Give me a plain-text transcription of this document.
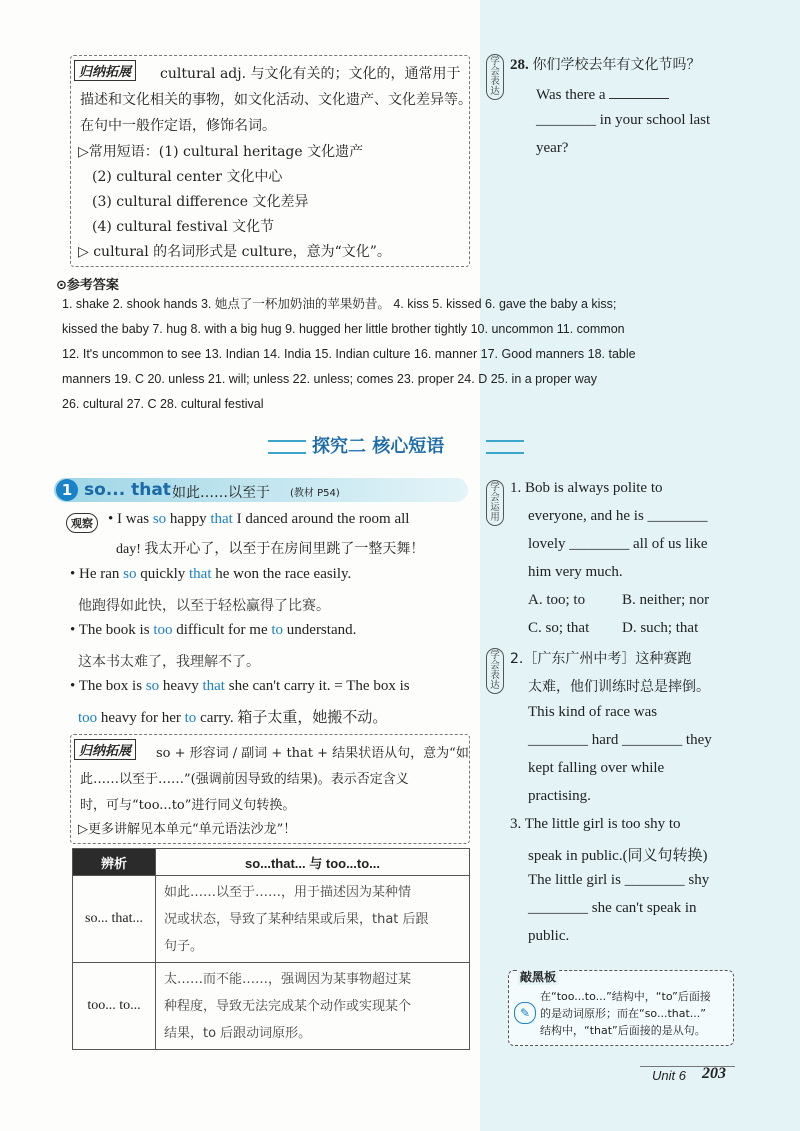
归纳拓展	cultural adj. 与文化有关的；文化的，通常用于
描述和文化相关的事物，如文化活动、文化遗产、文化差异等。
在句中一般作定语，修饰名词。
▷常用短语：(1) cultural heritage 文化遗产
(2) cultural center 文化中心
(3) cultural difference 文化差异
(4) cultural festival 文化节
▷ cultural 的名词形式是 culture，意为“文化”。
学会表达
28. 你们学校去年有文化节吗？
Was there a
________ in your school last
year?
⊙参考答案
1. shake 2. shook hands 3. 她点了一杯加奶油的苹果奶昔。 4. kiss 5. kissed 6. gave the baby a kiss;
kissed the baby 7. hug 8. with a big hug 9. hugged her little brother tightly 10. uncommon 11. common
12. It's uncommon to see 13. Indian 14. India 15. Indian culture 16. manner 17. Good manners 18. table
manners 19. C 20. unless 21. will; unless 22. unless; comes 23. proper 24. D 25. in a proper way
26. cultural 27. C 28. cultural festival
探究二 核心短语
1 so... that 如此……以至于 (教材 P54)
观察	• I was so happy that I danced around the room all
day! 我太开心了，以至于在房间里跳了一整天舞！
• He ran so quickly that he won the race easily.
他跑得如此快，以至于轻松赢得了比赛。
• The book is too difficult for me to understand.
这本书太难了，我理解不了。
• The box is so heavy that she can't carry it. = The box is
too heavy for her to carry. 箱子太重，她搬不动。
归纳拓展	so + 形容词 / 副词 + that + 结果状语从句，意为“如
此……以至于……”(强调前因导致的结果)。表示否定含义
时，可与“too...to”进行同义句转换。
▷更多讲解见本单元“单元语法沙龙”！
辨析	so...that... 与 too...to...
so... that...	如此……以至于……，用于描述因为某种情
况或状态，导致了某种结果或后果，that 后跟
句子。

too... to...	太……而不能……，强调因为某事物超过某
种程度，导致无法完成某个动作或实现某个
结果，to 后跟动词原形。
学会运用
1. Bob is always polite to
everyone, and he is ________
lovely ________ all of us like
him very much.
A. too; to B. neither; nor
C. so; that D. such; that
学会表达
2.［广东广州中考］这种赛跑
太难，他们训练时总是摔倒。
This kind of race was
________ hard ________ they
kept falling over while
practising.
3. The little girl is too shy to
speak in public.(同义句转换)
The little girl is ________ shy
________ she can't speak in
public.
敲黑板
✎
在“too...to...”结构中，“to”后面接
的是动词原形；而在“so...that...”
结构中，“that”后面接的是从句。
Unit 6 203
